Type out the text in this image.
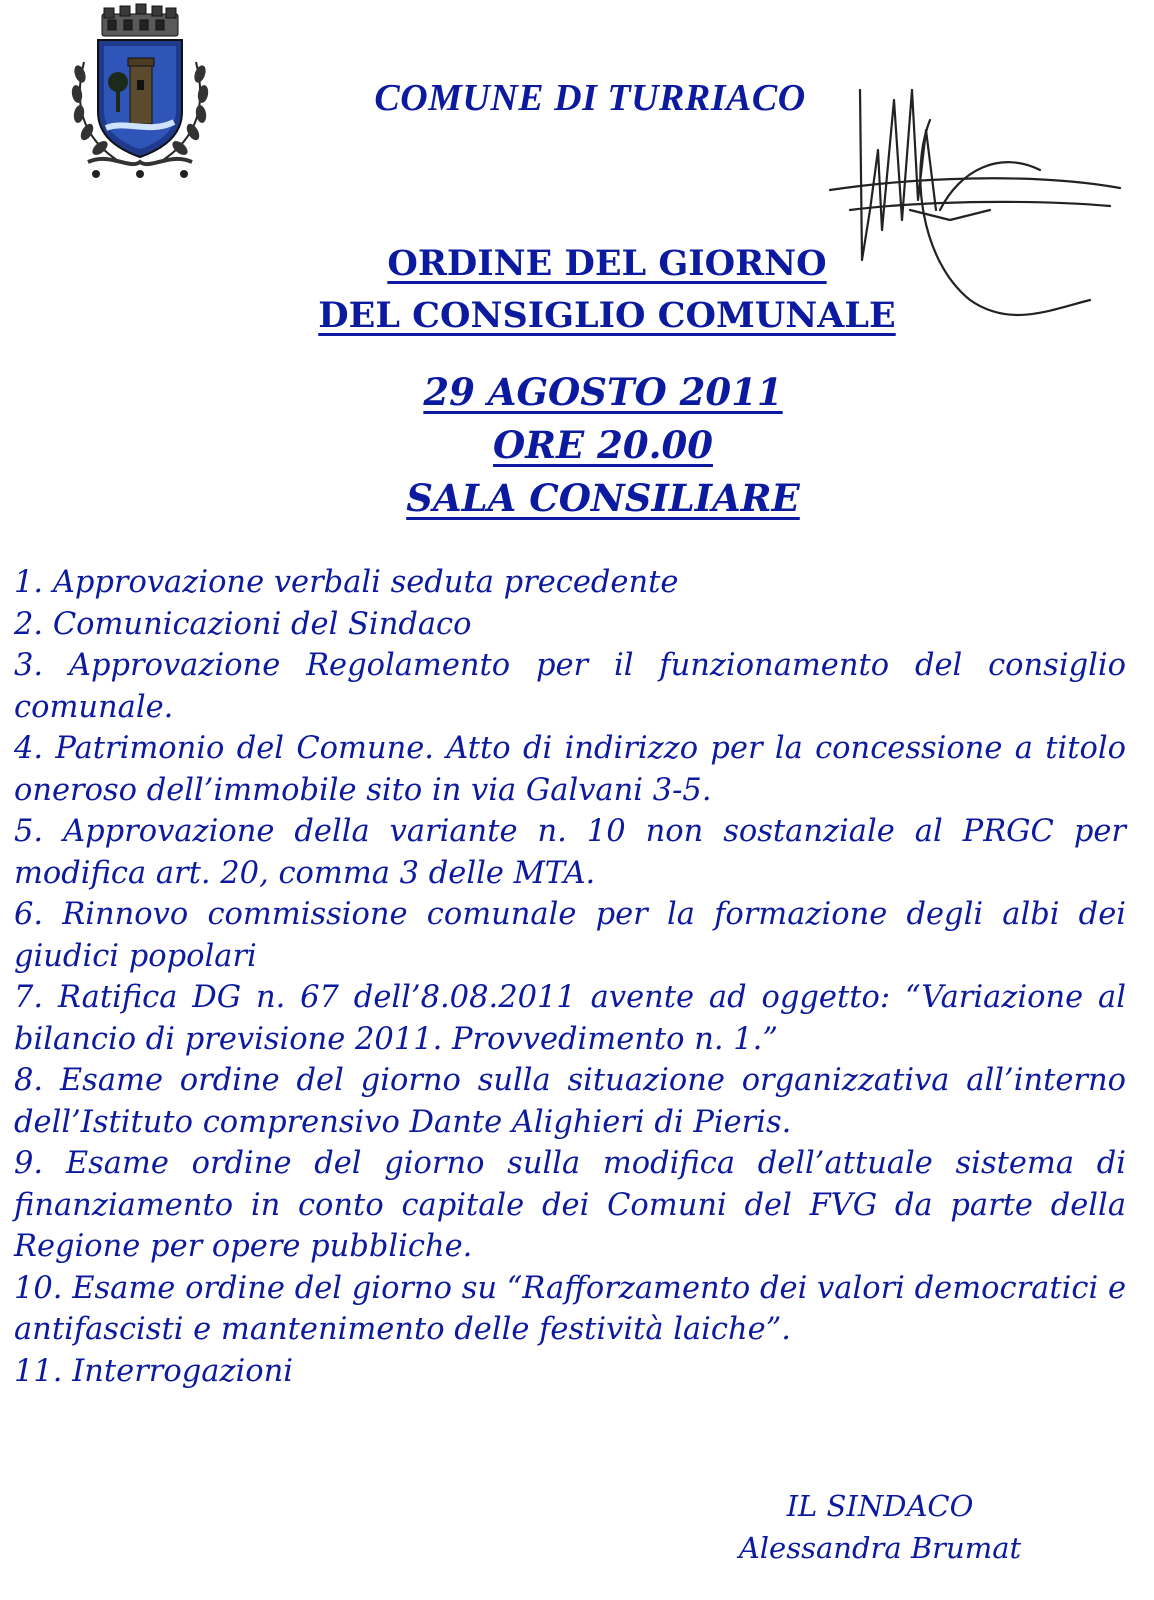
COMUNE DI TURRIACO
ORDINE DEL GIORNO
DEL CONSIGLIO COMUNALE
29 AGOSTO 2011
ORE 20.00
SALA CONSILIARE
1. Approvazione verbali seduta precedente
2. Comunicazioni del Sindaco
3. Approvazione Regolamento per il funzionamento del consiglio comunale.
4. Patrimonio del Comune. Atto di indirizzo per la concessione a titolo oneroso dell’immobile sito in via Galvani 3-5.
5. Approvazione della variante n. 10 non sostanziale al PRGC per modifica art. 20, comma 3 delle MTA.
6. Rinnovo commissione comunale per la formazione degli albi dei giudici popolari
7. Ratifica DG n. 67 dell’8.08.2011 avente ad oggetto: “Variazione al bilancio di previsione 2011. Provvedimento n. 1.”
8. Esame ordine del giorno sulla situazione organizzativa all’interno dell’Istituto comprensivo Dante Alighieri di Pieris.
9. Esame ordine del giorno sulla modifica dell’attuale sistema di finanziamento in conto capitale dei Comuni del FVG da parte della Regione per opere pubbliche.
10. Esame ordine del giorno su “Rafforzamento dei valori democratici e antifascisti e mantenimento delle festività laiche”.
11. Interrogazioni
IL SINDACO
Alessandra Brumat
